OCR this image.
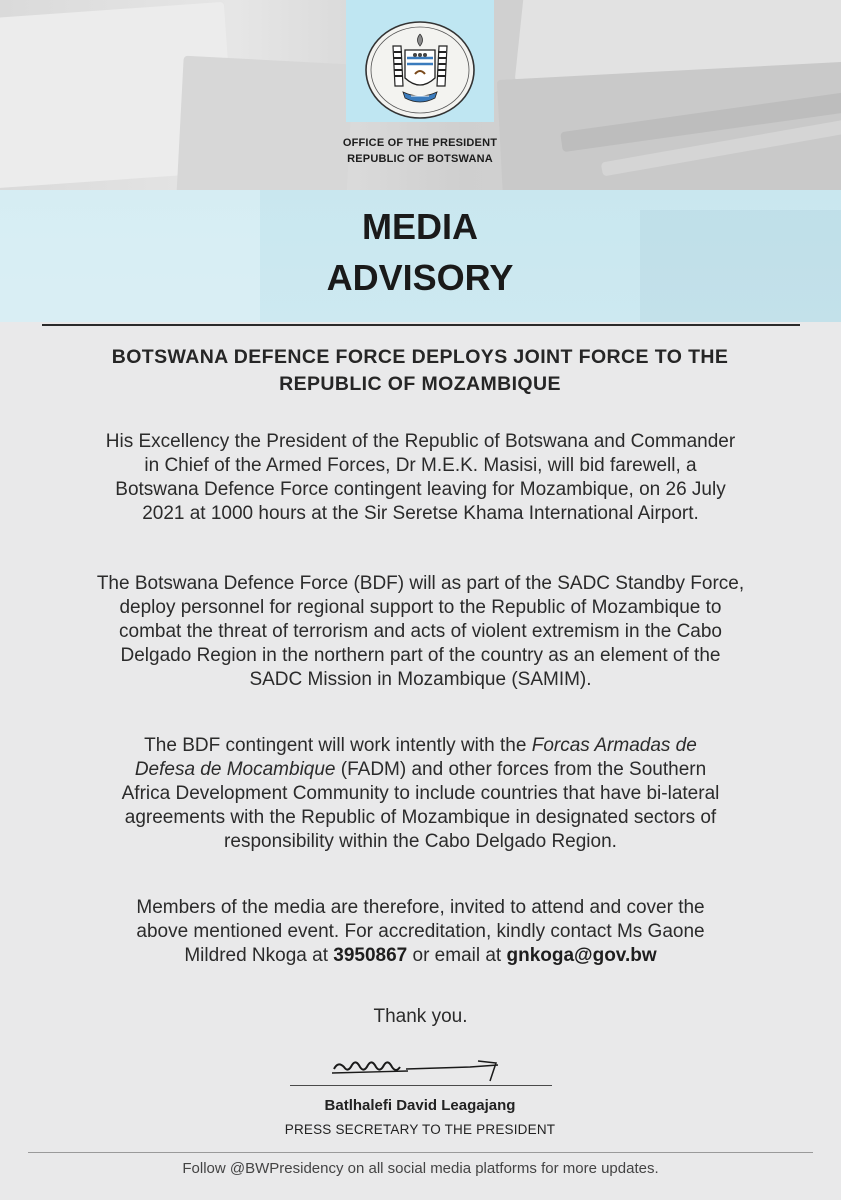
OFFICE OF THE PRESIDENT
REPUBLIC OF BOTSWANA
MEDIA
ADVISORY
BOTSWANA DEFENCE FORCE DEPLOYS JOINT FORCE TO THE
REPUBLIC OF MOZAMBIQUE
His Excellency the President of the Republic of Botswana and Commander
in Chief of the Armed Forces, Dr M.E.K. Masisi, will bid farewell, a
Botswana Defence Force contingent leaving for Mozambique, on 26 July
2021 at 1000 hours at the Sir Seretse Khama International Airport.
The Botswana Defence Force (BDF) will as part of the SADC Standby Force,
deploy personnel for regional support to the Republic of Mozambique to
combat the threat of terrorism and acts of violent extremism in the Cabo
Delgado Region in the northern part of the country as an element of the
SADC Mission in Mozambique (SAMIM).
The BDF contingent will work intently with the Forcas Armadas de
Defesa de Mocambique (FADM) and other forces from the Southern
Africa Development Community to include countries that have bi-lateral
agreements with the Republic of Mozambique in designated sectors of
responsibility within the Cabo Delgado Region.
Members of the media are therefore, invited to attend and cover the
above mentioned event. For accreditation, kindly contact Ms Gaone
Mildred Nkoga at 3950867 or email at gnkoga@gov.bw
Thank you.
Batlhalefi David Leagajang
PRESS SECRETARY TO THE PRESIDENT
Follow @BWPresidency on all social media platforms for more updates.
